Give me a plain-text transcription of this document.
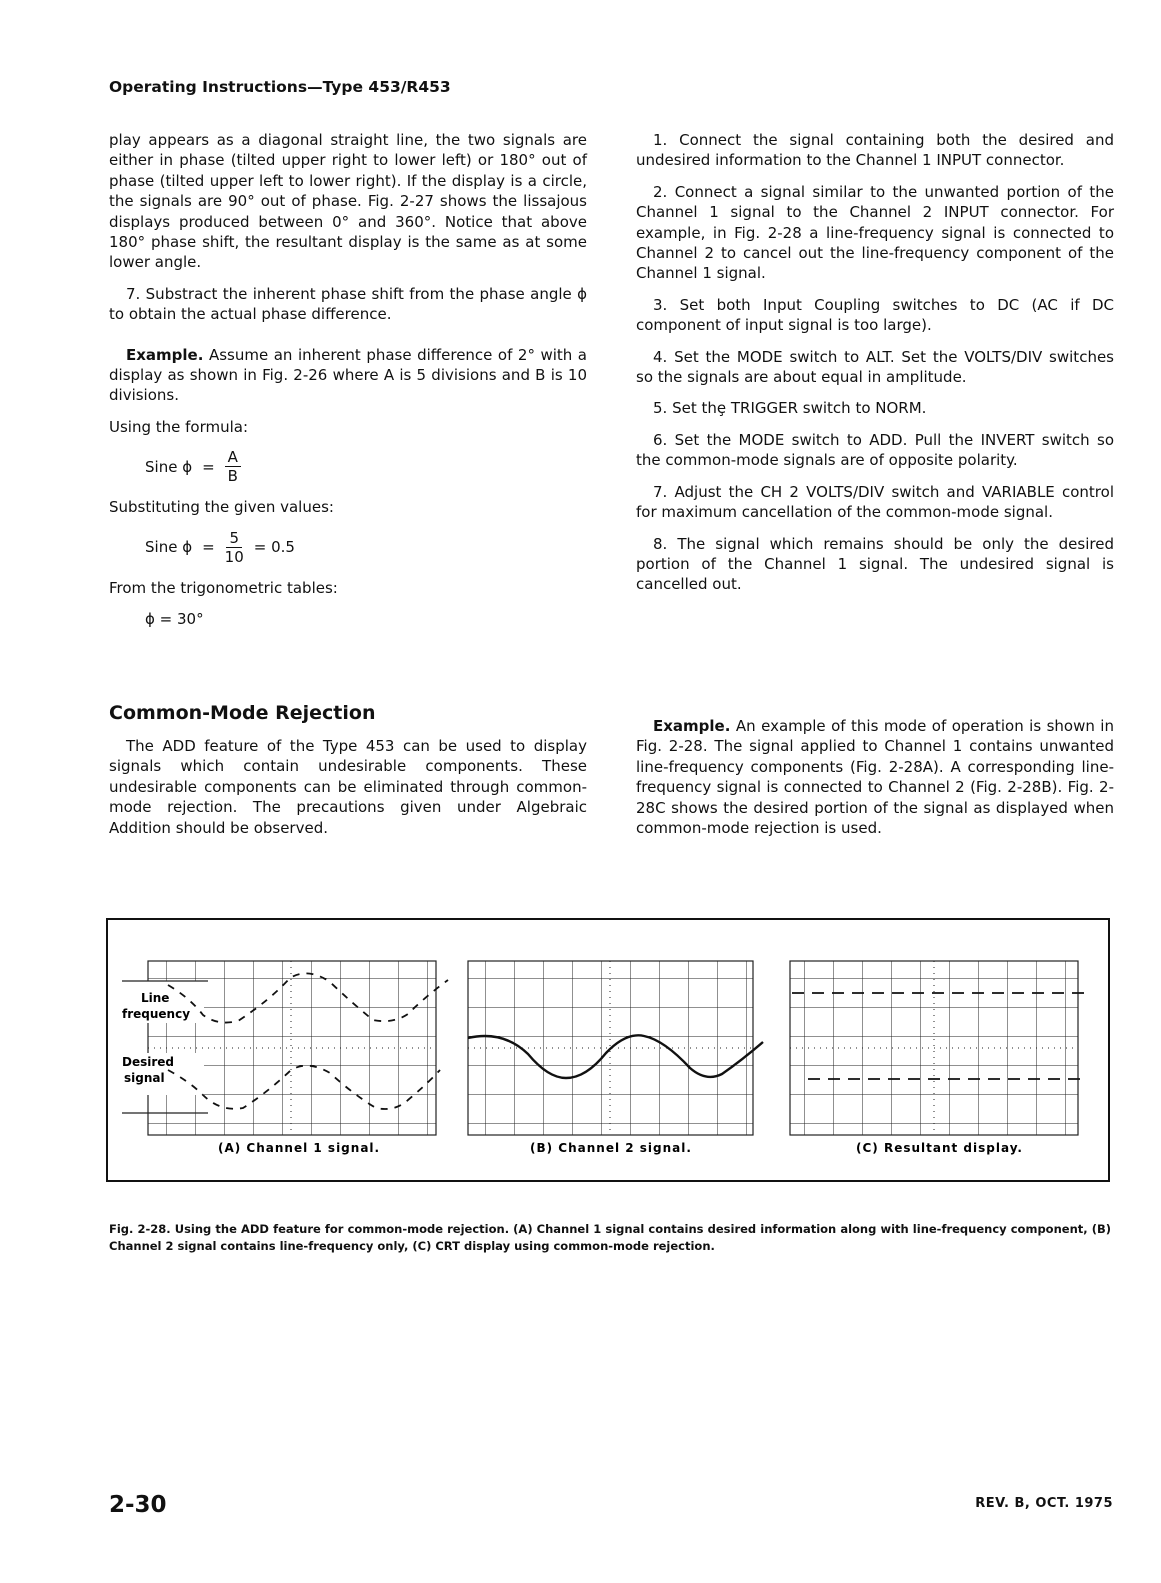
Operating Instructions—Type 453/R453

play appears as a diagonal straight line, the two signals are either in phase (tilted upper right to lower left) or 180° out of phase (tilted upper left to lower right). If the display is a circle, the signals are 90° out of phase. Fig. 2-27 shows the lissajous displays produced between 0° and 360°. Notice that above 180° phase shift, the resultant display is the same as at some lower angle.

7. Substract the inherent phase shift from the phase angle ϕ to obtain the actual phase difference.

Example. Assume an inherent phase difference of 2° with a display as shown in Fig. 2-26 where A is 5 divisions and B is 10 divisions.

Using the formula:

Sine $\phi = \frac{A}{B}$

Substituting the given values:

Sine $\phi = \frac{5}{10} = 0.5$

From the trigonometric tables:

ϕ = 30°

1. Connect the signal containing both the desired and undesired information to the Channel 1 INPUT connector.

2. Connect a signal similar to the unwanted portion of the Channel 1 signal to the Channel 2 INPUT connector. For example, in Fig. 2-28 a line-frequency signal is connected to Channel 2 to cancel out the line-frequency component of the Channel 1 signal.

3. Set both Input Coupling switches to DC (AC if DC component of input signal is too large).

4. Set the MODE switch to ALT. Set the VOLTS/DIV switches so the signals are about equal in amplitude.

5. Set thȩ TRIGGER switch to NORM.

6. Set the MODE switch to ADD. Pull the INVERT switch so the common-mode signals are of opposite polarity.

7. Adjust the CH 2 VOLTS/DIV switch and VARIABLE control for maximum cancellation of the common-mode signal.

8. The signal which remains should be only the desired portion of the Channel 1 signal. The undesired signal is cancelled out.

Common-Mode Rejection

The ADD feature of the Type 453 can be used to display signals which contain undesirable components. These undesirable components can be eliminated through common-mode rejection. The precautions given under Algebraic Addition should be observed.

Example. An example of this mode of operation is shown in Fig. 2-28. The signal applied to Channel 1 contains unwanted line-frequency components (Fig. 2-28A). A corresponding line-frequency signal is connected to Channel 2 (Fig. 2-28B). Fig. 2-28C shows the desired portion of the signal as displayed when common-mode rejection is used.

Line
frequency
Desired
signal
(A) Channel 1 signal.	(B) Channel 2 signal.	(C) Resultant display.
Fig. 2-28. Using the ADD feature for common-mode rejection. (A) Channel 1 signal contains desired information along with line-frequency component, (B) Channel 2 signal contains line-frequency only, (C) CRT display using common-mode rejection.
2-30	REV. B, OCT. 1975
